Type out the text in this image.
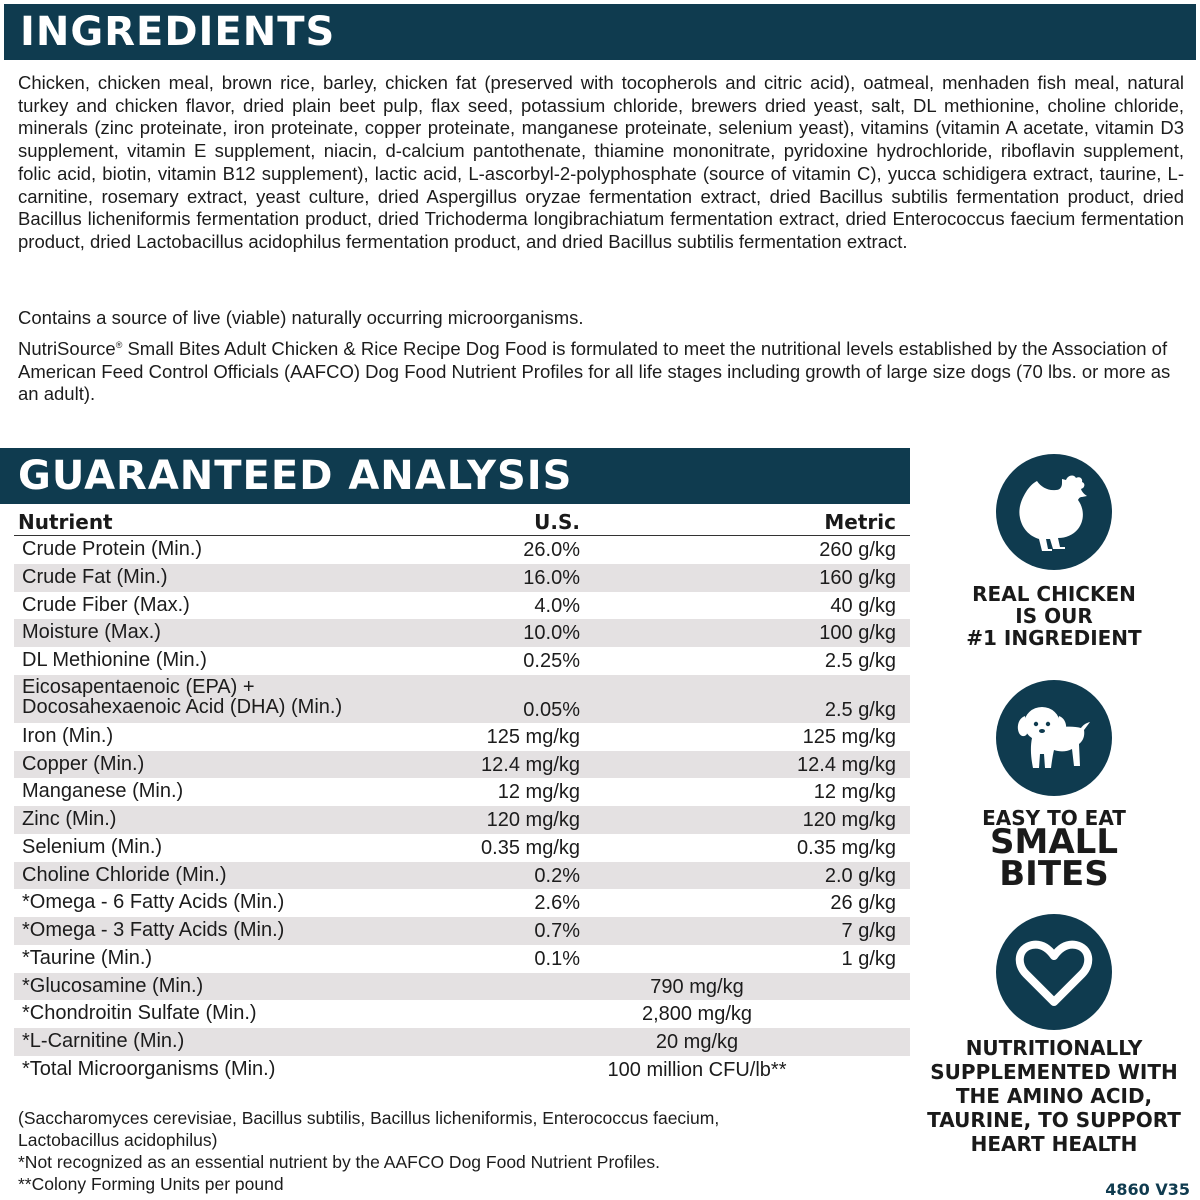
INGREDIENTS

Chicken, chicken meal, brown rice, barley, chicken fat (preserved with tocopherols and citric acid), oatmeal, menhaden fish meal, natural turkey and chicken flavor, dried plain beet pulp, flax seed, potassium chloride, brewers dried yeast, salt, DL methionine, choline chloride, minerals (zinc proteinate, iron proteinate, copper proteinate, manganese proteinate, selenium yeast), vitamins (vitamin A acetate, vitamin D3 supplement, vitamin E supplement, niacin, d-calcium pantothenate, thiamine mononitrate, pyridoxine hydrochloride, riboflavin supplement, folic acid, biotin, vitamin B12 supplement), lactic acid, L-ascorbyl-2-polyphosphate (source of vitamin C), yucca schidigera extract, taurine, L-carnitine, rosemary extract, yeast culture, dried Aspergillus oryzae fermentation extract, dried Bacillus subtilis fermentation product, dried Bacillus licheniformis fermentation product, dried Trichoderma longibrachiatum fermentation extract, dried Enterococcus faecium fermentation product, dried Lactobacillus acidophilus fermentation product, and dried Bacillus subtilis fermentation extract.

Contains a source of live (viable) naturally occurring microorganisms.

NutriSource® Small Bites Adult Chicken & Rice Recipe Dog Food is formulated to meet the nutritional levels established by the Association of American Feed Control Officials (AAFCO) Dog Food Nutrient Profiles for all life stages including growth of large size dogs (70 lbs. or more as an adult).

GUARANTEED ANALYSIS
Nutrient	U.S.	Metric
Crude Protein (Min.)	26.0%	260 g/kg
Crude Fat (Min.)	16.0%	160 g/kg
Crude Fiber (Max.)	4.0%	40 g/kg
Moisture (Max.)	10.0%	100 g/kg
DL Methionine (Min.)	0.25%	2.5 g/kg
Eicosapentaenoic (EPA) +
Docosahexaenoic Acid (DHA) (Min.)	0.05%	2.5 g/kg
Iron (Min.)	125 mg/kg	125 mg/kg
Copper (Min.)	12.4 mg/kg	12.4 mg/kg
Manganese (Min.)	12 mg/kg	12 mg/kg
Zinc (Min.)	120 mg/kg	120 mg/kg
Selenium (Min.)	0.35 mg/kg	0.35 mg/kg
Choline Chloride (Min.)	0.2%	2.0 g/kg
*Omega - 6 Fatty Acids (Min.)	2.6%	26 g/kg
*Omega - 3 Fatty Acids (Min.)	0.7%	7 g/kg
*Taurine (Min.)	0.1%	1 g/kg
*Glucosamine (Min.)	790 mg/kg
*Chondroitin Sulfate (Min.)	2,800 mg/kg
*L-Carnitine (Min.)	20 mg/kg
*Total Microorganisms (Min.)	100 million CFU/lb**
(Saccharomyces cerevisiae, Bacillus subtilis, Bacillus licheniformis, Enterococcus faecium,
Lactobacillus acidophilus)
*Not recognized as an essential nutrient by the AAFCO Dog Food Nutrient Profiles.
**Colony Forming Units per pound
REAL CHICKEN
IS OUR
#1 INGREDIENT
EASY TO EAT
SMALL
BITES
NUTRITIONALLY
SUPPLEMENTED WITH
THE AMINO ACID,
TAURINE, TO SUPPORT
HEART HEALTH
4860 V35
